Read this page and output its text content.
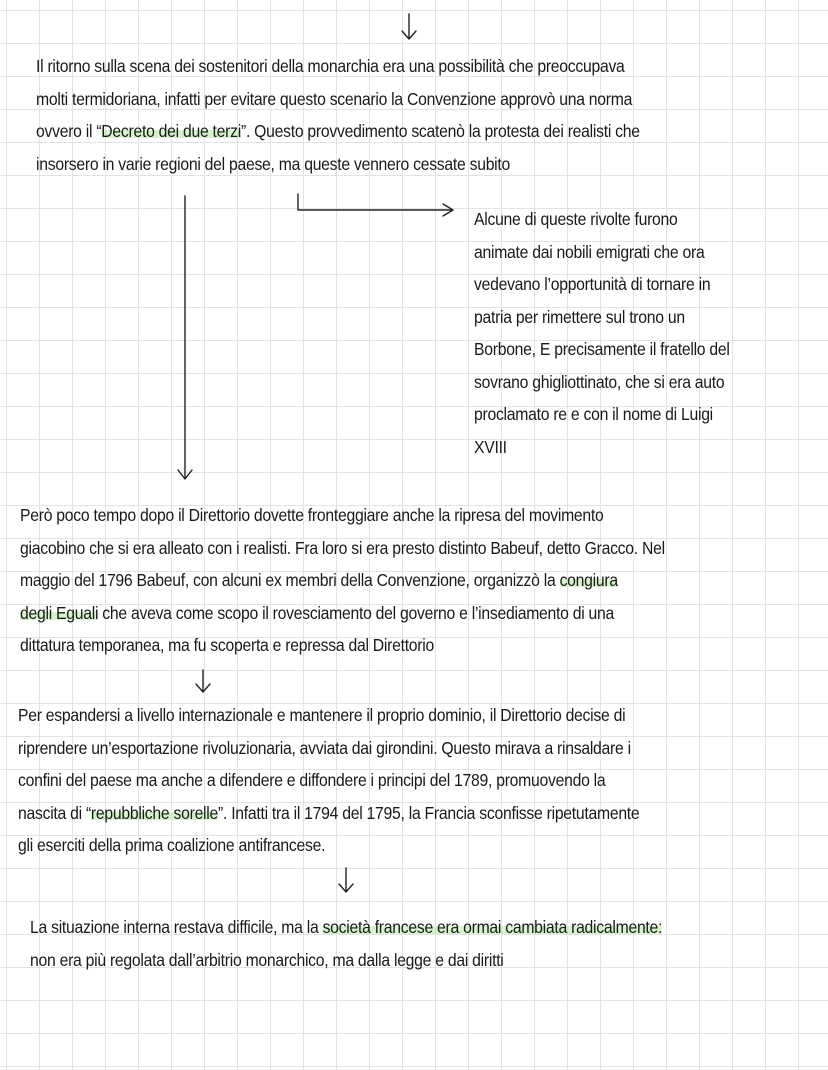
Il ritorno sulla scena dei sostenitori della monarchia era una possibilità che preoccupava
molti termidoriana, infatti per evitare questo scenario la Convenzione approvò una norma
ovvero il “Decreto dei due terzi”. Questo provvedimento scatenò la protesta dei realisti che
insorsero in varie regioni del paese, ma queste vennero cessate subito
Alcune di queste rivolte furono
animate dai nobili emigrati che ora
vedevano l’opportunità di tornare in
patria per rimettere sul trono un
Borbone, E precisamente il fratello del
sovrano ghigliottinato, che si era auto
proclamato re e con il nome di Luigi
XVIII
Però poco tempo dopo il Direttorio dovette fronteggiare anche la ripresa del movimento
giacobino che si era alleato con i realisti. Fra loro si era presto distinto Babeuf, detto Gracco. Nel
maggio del 1796 Babeuf, con alcuni ex membri della Convenzione, organizzò la congiura
degli Eguali che aveva come scopo il rovesciamento del governo e l’insediamento di una
dittatura temporanea, ma fu scoperta e repressa dal Direttorio
Per espandersi a livello internazionale e mantenere il proprio dominio, il Direttorio decise di
riprendere un’esportazione rivoluzionaria, avviata dai girondini. Questo mirava a rinsaldare i
confini del paese ma anche a difendere e diffondere i principi del 1789, promuovendo la
nascita di “repubbliche sorelle”. Infatti tra il 1794 del 1795, la Francia sconfisse ripetutamente
gli eserciti della prima coalizione antifrancese.
La situazione interna restava difficile, ma la società francese era ormai cambiata radicalmente:
non era più regolata dall’arbitrio monarchico, ma dalla legge e dai diritti
